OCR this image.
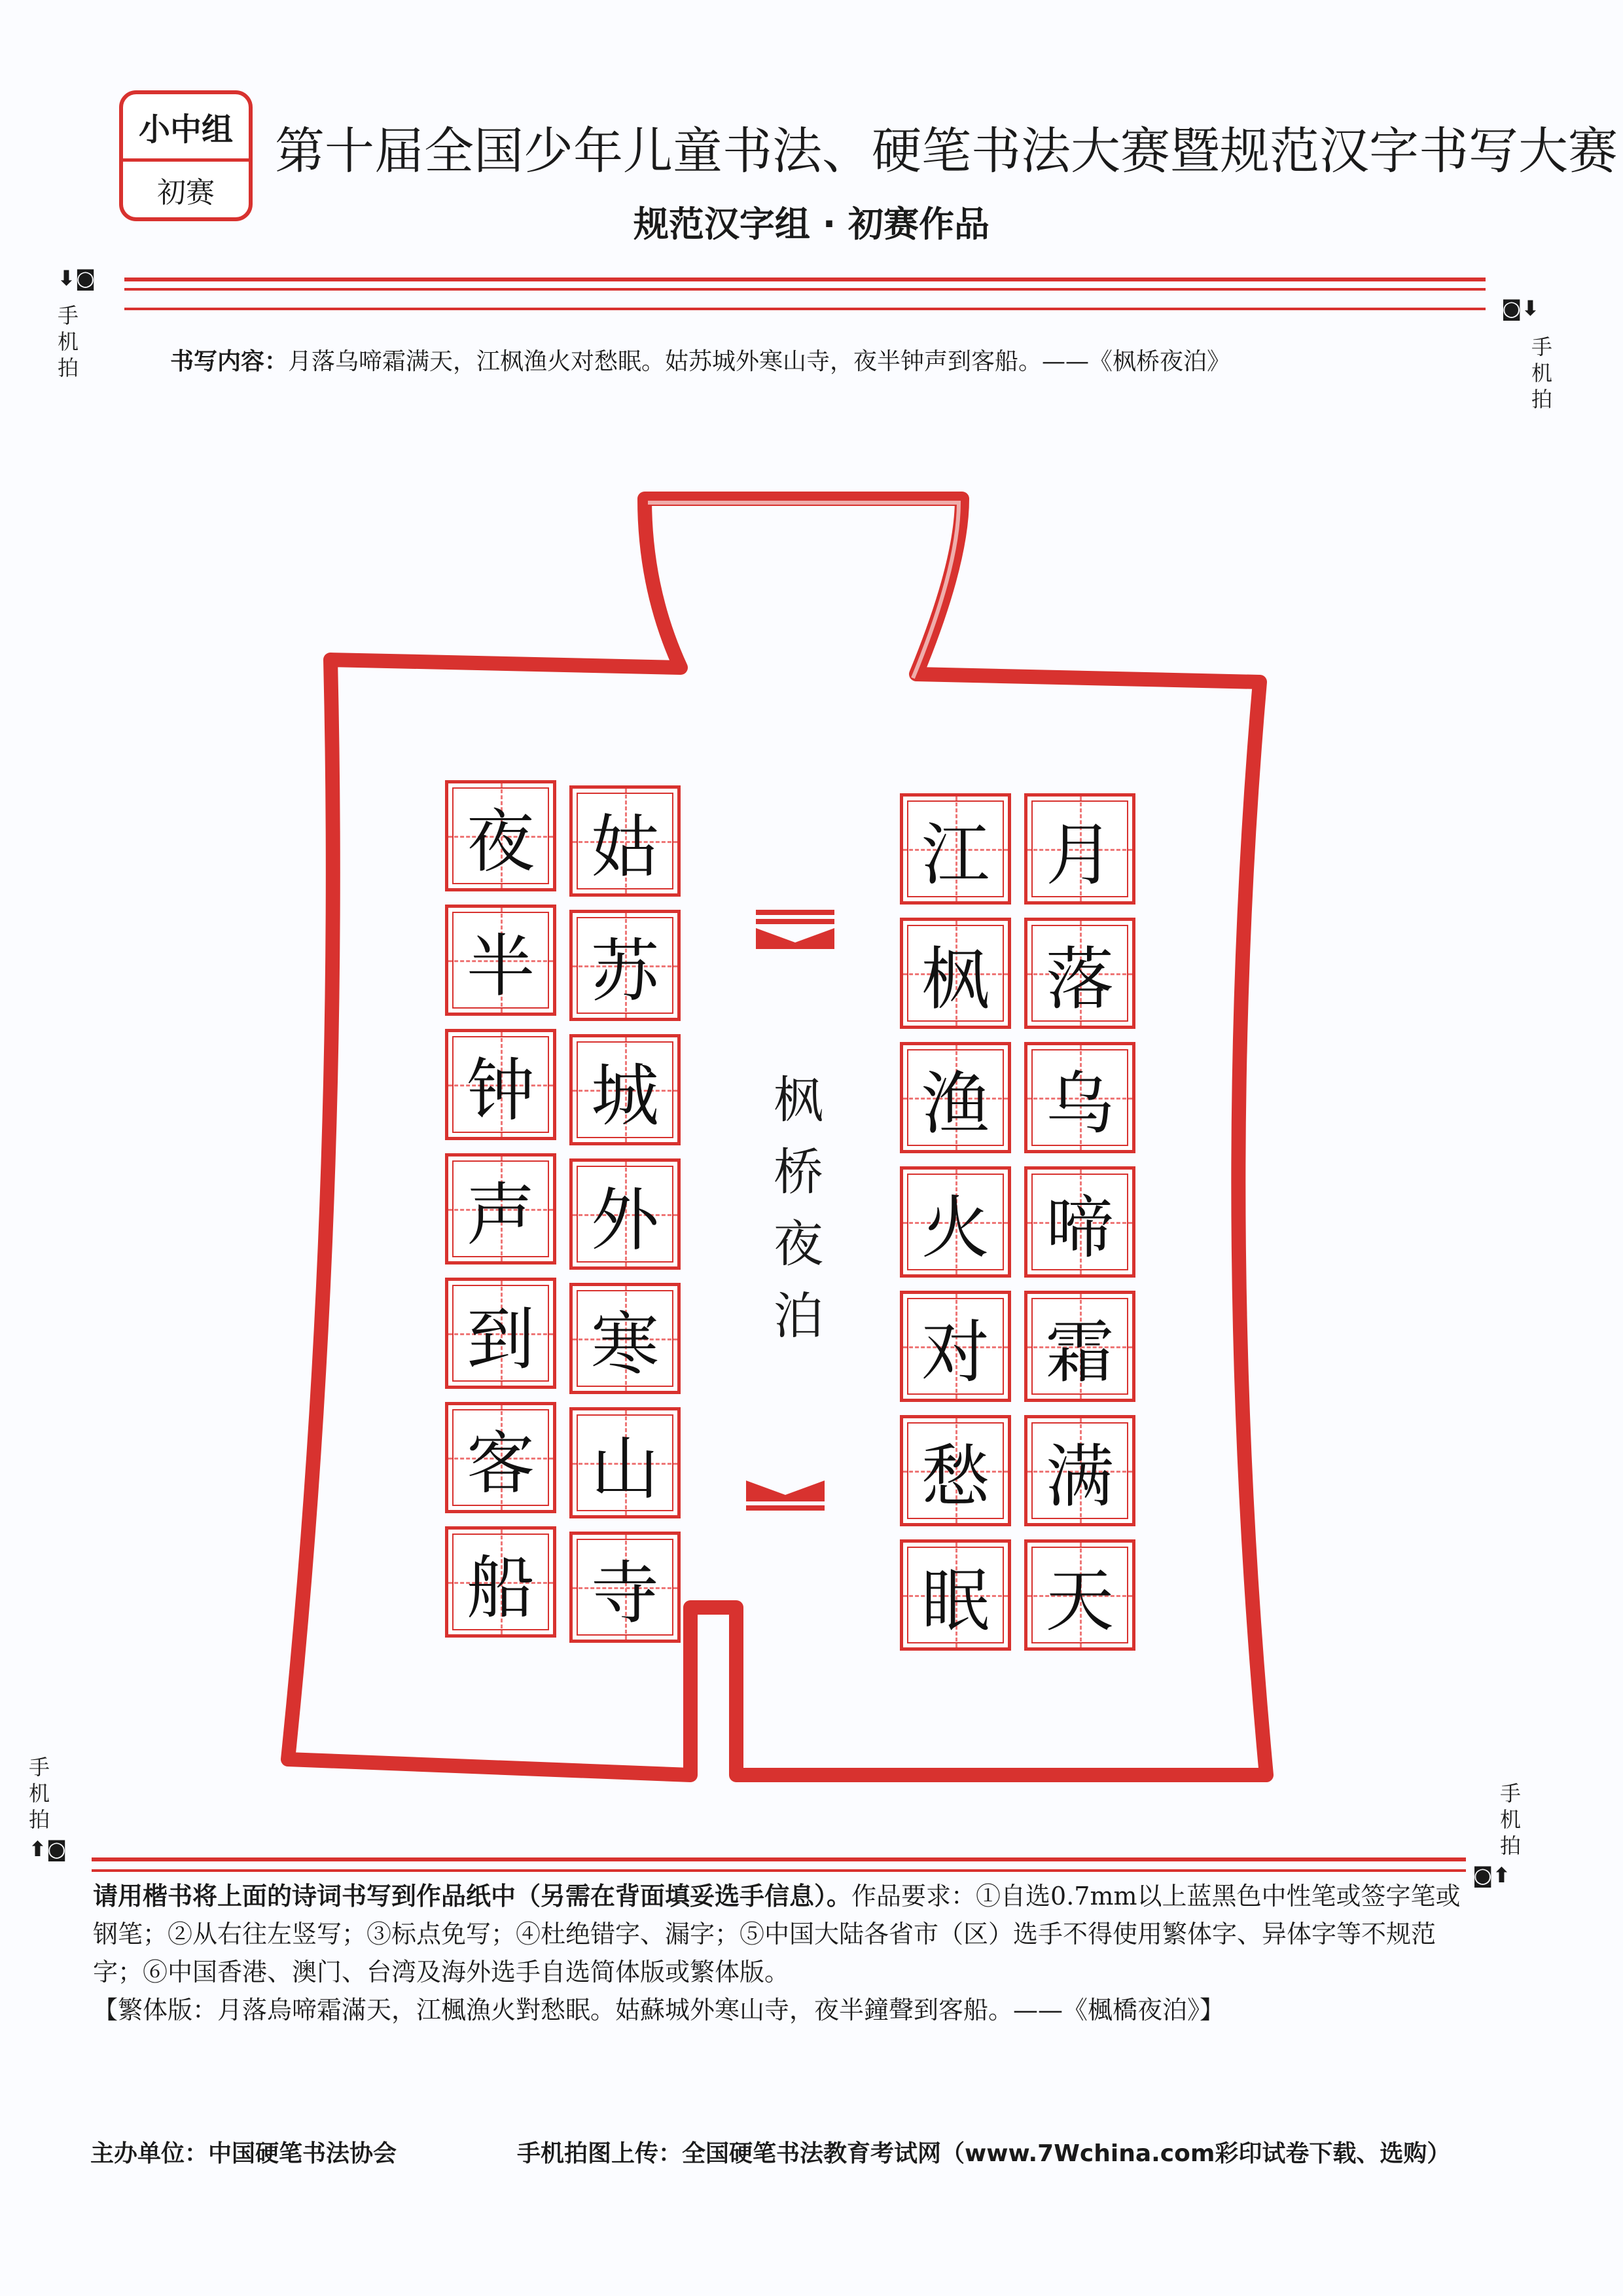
小中组
初赛
第十届全国少年儿童书法、硬笔书法大赛暨规范汉字书写大赛
规范汉字组 · 初赛作品
⬇◙
手机拍
◙⬇
手机拍
手机拍
⬆◙
手机拍
◙⬆
书写内容：月落乌啼霜满天，江枫渔火对愁眠。姑苏城外寒山寺，夜半钟声到客船。——《枫桥夜泊》
月
落
乌
啼
霜
满
天
江
枫
渔
火
对
愁
眠
姑
苏
城
外
寒
山
寺
夜
半
钟
声
到
客
船
枫
桥
夜
泊
请用楷书将上面的诗词书写到作品纸中（另需在背面填妥选手信息）。作品要求：①自选0.7mm以上蓝黑色中性笔或签字笔或钢笔；②从右往左竖写；③标点免写；④杜绝错字、漏字；⑤中国大陆各省市（区）选手不得使用繁体字、异体字等不规范字；⑥中国香港、澳门、台湾及海外选手自选简体版或繁体版。
【繁体版：月落烏啼霜滿天，江楓漁火對愁眠。姑蘇城外寒山寺，夜半鐘聲到客船。——《楓橋夜泊》】
主办单位：中国硬笔书法协会	手机拍图上传：全国硬笔书法教育考试网（www.7Wchina.com彩印试卷下载、选购）
